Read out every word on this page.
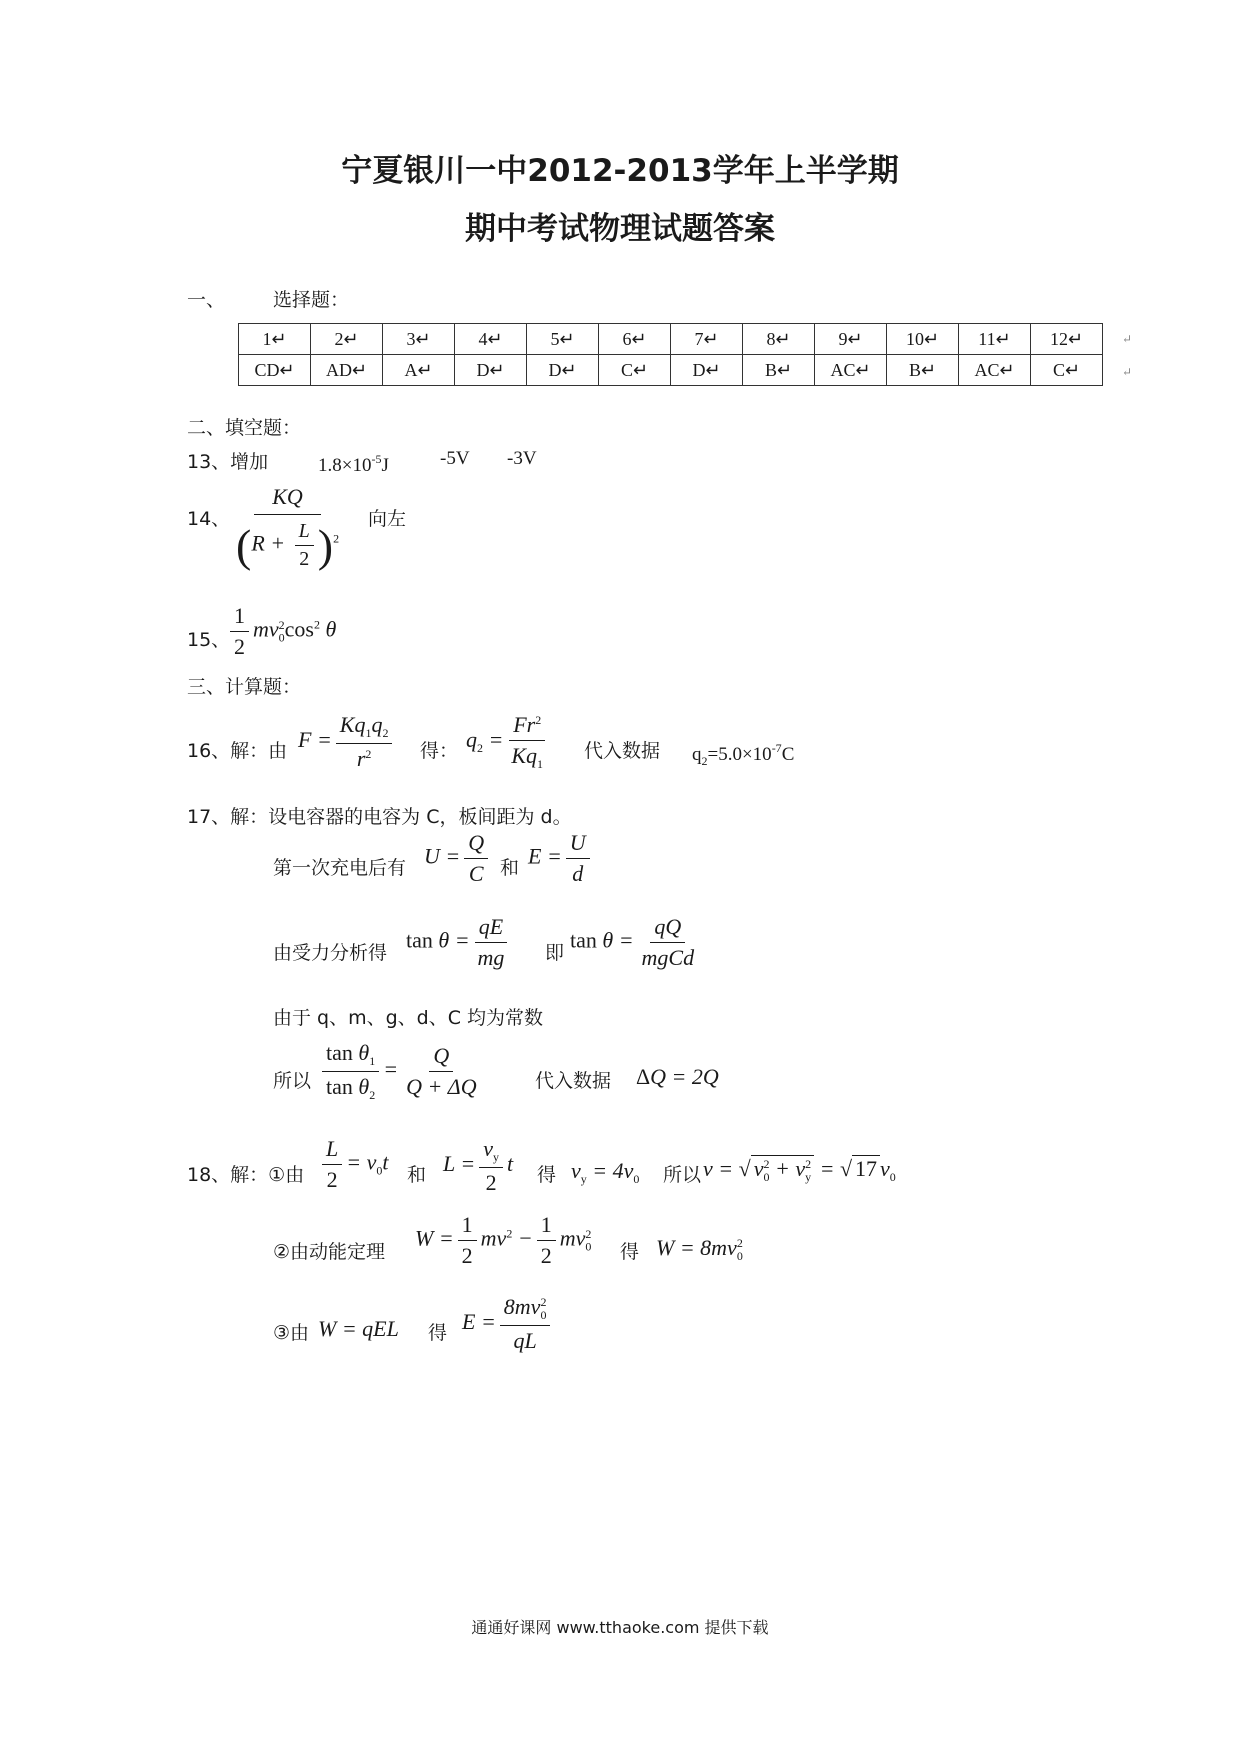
宁夏银川一中2012-2013学年上半学期
期中考试物理试题答案
一、	选择题：
1↵	2↵	3↵	4↵	5↵	6↵	7↵	8↵	9↵	10↵	11↵	12↵
CD↵	AD↵	A↵	D↵	D↵	C↵	D↵	B↵	AC↵	B↵	AC↵	C↵
↵
↵
二、填空题：
13、增加	$1.8\times 10^{-5}J$	-5V -3V
14、 $\frac{KQ}{(R + \frac{L}{2} )^2}$ 向左
15、 $\frac{1}{2} mv_0^2\cos^2$ θ
三、计算题：
16、解：由 $F = \frac{Kq_1q_2}{r^2}$ 得： $q_2 = \frac{Fr^2}{Kq_1}$ 代入数据 $q_2=5.0\times 10^{-7}C$
17、解：设电容器的电容为 C，板间距为 d。
第一次充电后有 $U = \frac{Q}{C}$ 和 $E = \frac{U}{d}$
由受力分析得
$\tan \theta = \frac{qE}{mg}$ 即
$\tan \theta = \frac{qQ}{\text{mgCd}}$
由于 q、m、g、d、C 均为常数
所以 $\frac{\tan \theta_1}{\tan \theta_2} = \frac{Q}{Q + \Delta Q}$	代入数据 ΔQ = 2Q
18、解：①由 $\frac{L}{2} = v_0t$
和 $L = \frac{v_y}{2}$ t 得 $v_y = 4v_0$ 所以 v = √ $v_0^2 + v_y^2$ = √ 17 $v_0$
②由动能定理
$W = \frac{1}{2} mv^2 - \frac{1}{2} mv_0^2$
得 $W = 8mv_0^2$
③由 W = qEL 得 $E = \frac{8mv_0^2}{qL}$
通通好课网 www.tthaoke.com 提供下载
